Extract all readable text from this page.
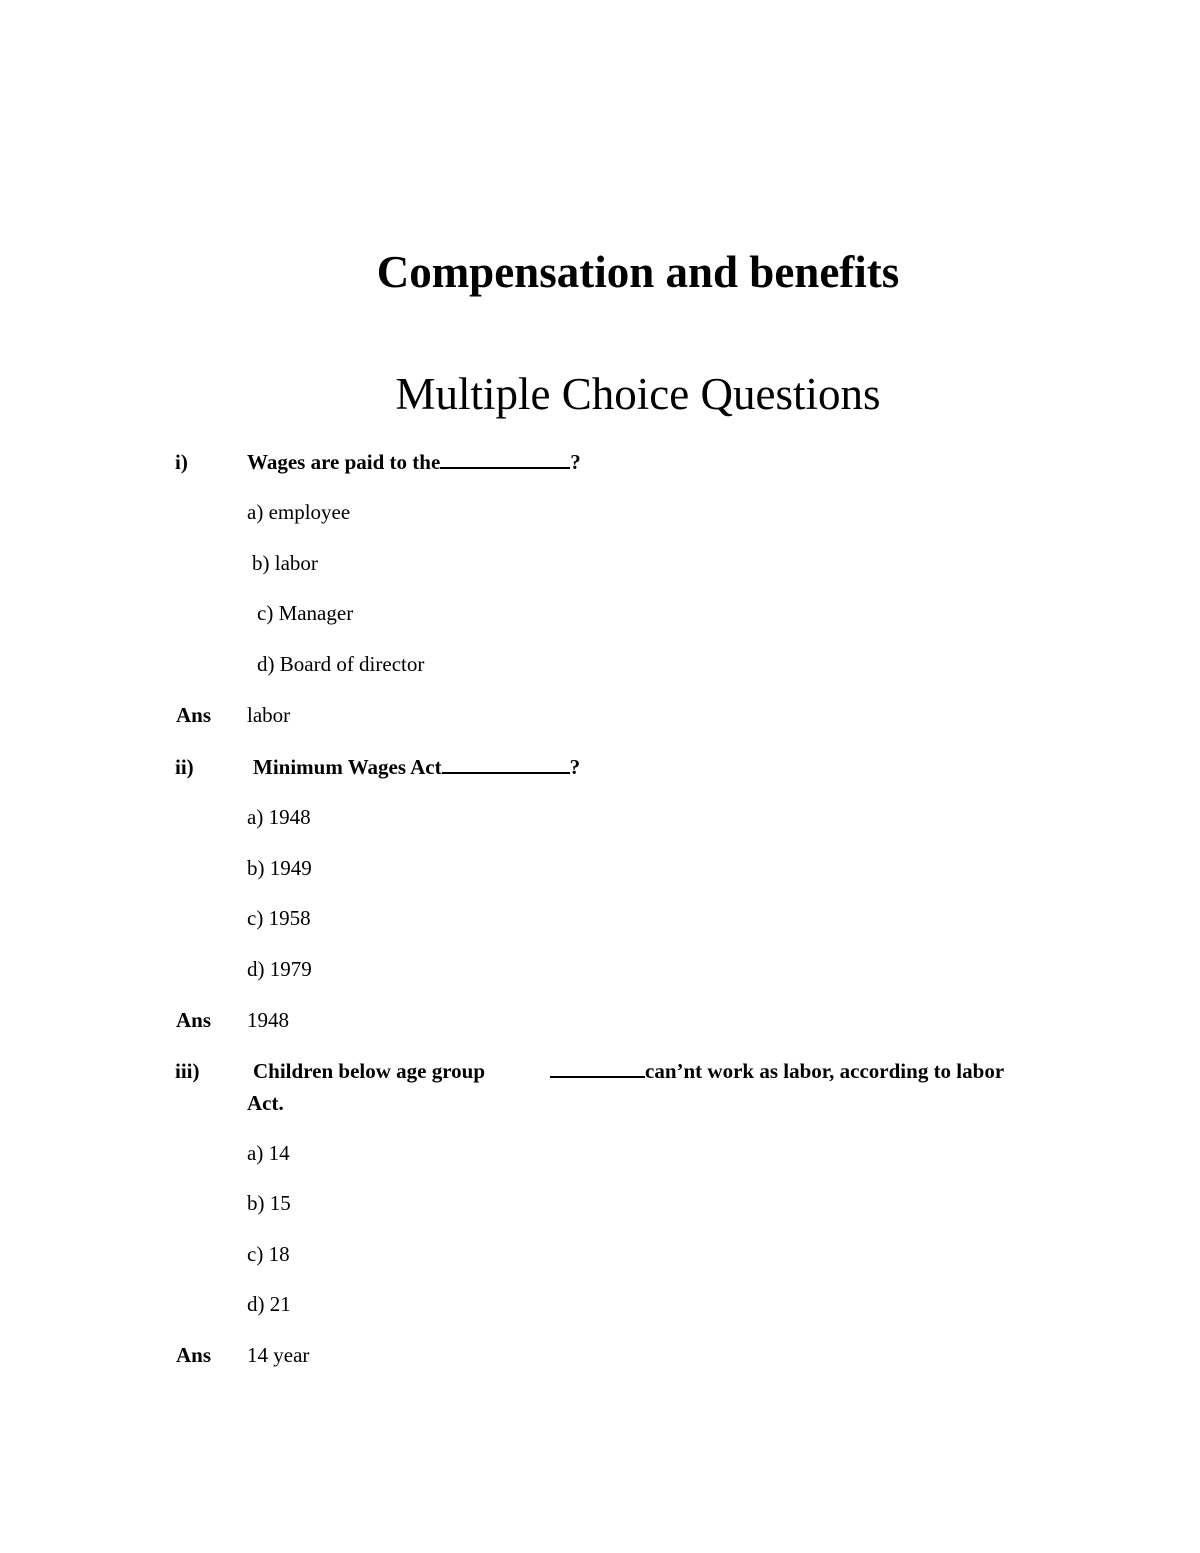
Compensation and benefits
Multiple Choice Questions
i)	Wages are paid to the	?
a) employee
b) labor
c) Manager
d) Board of director
Ans labor
ii)	Minimum Wages Act	?
a) 1948
b) 1949
c) 1958
d) 1979
Ans 1948
iii)	Children below age group	can’nt work as labor, according to labor
Act.
a) 14
b) 15
c) 18
d) 21
Ans 14 year
